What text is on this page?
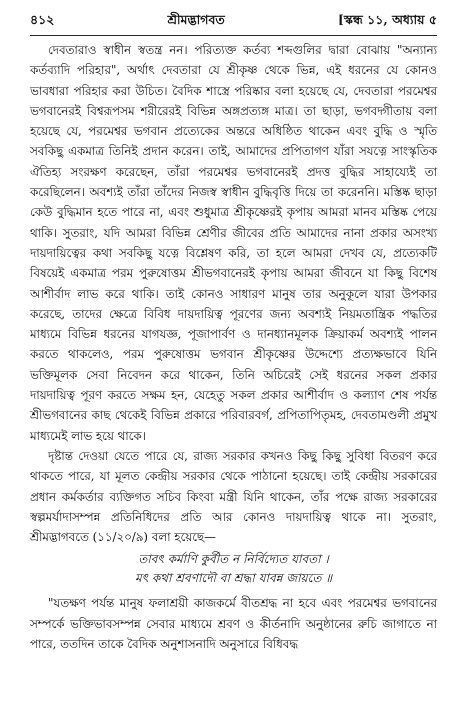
৪১২	শ্রীমদ্ভাগবত	[স্কন্ধ ১১, অধ্যায় ৫

দেবতারাও স্বাধীন স্বতন্ত্র নন। পরিত্যক্ত কর্তব্য শব্দগুলির দ্বারা বোঝায় "অন্যান্য কর্তব্যাদি পরিহার", অর্থাৎ দেবতারা যে শ্রীকৃষ্ণ থেকে ভিন্ন, এই ধরনের যে কোনও ভাবধারা পরিহার করা উচিত। বৈদিক শাস্ত্রে পরিষ্কার বলা হয়েছে যে, দেবতারা পরমেশ্বর ভগবানেরই বিশ্বরূপসম শরীরেরই বিভিন্ন অঙ্গপ্রত্যঙ্গ মাত্র। তা ছাড়া, ভগবদ্গীতায় বলা হয়েছে যে, পরমেশ্বর ভগবান প্রত্যেকের অন্তরে অধিষ্ঠিত থাকেন এবং বুদ্ধি ও স্মৃতি সবকিছু একমাত্র তিনিই প্রদান করেন। তাই, আমাদের প্রপিতাগণ যাঁরা সযত্নে সাংস্কৃতিক ঐতিহ্য সংরক্ষণ করেছেন, তাঁরা পরমেশ্বর ভগবানেরই প্রদত্ত বুদ্ধির সাহায্যেই তা করেছিলেন। অবশ্যই তাঁরা তাঁদের নিজস্ব স্বাধীন বুদ্ধিবৃত্তি দিয়ে তা করেননি। মস্তিষ্ক ছাড়া কেউ বুদ্ধিমান হতে পারে না, এবং শুধুমাত্র শ্রীকৃষ্ণেরই কৃপায় আমরা মানব মস্তিষ্ক পেয়ে থাকি। সুতরাং, যদি আমরা বিভিন্ন শ্রেণীর জীবের প্রতি আমাদের নানা প্রকার অসংখ্য দায়দায়িত্বের কথা সবকিছু যত্নে বিশ্লেষণ করি, তা হলে আমরা দেখব যে, প্রত্যেকটি বিষয়েই একমাত্র পরম পুরুষোত্তম শ্রীভগবানেরই কৃপায় আমরা জীবনে যা কিছু বিশেষ আশীর্বাদ লাভ করে থাকি। তাই কোনও সাধারণ মানুষ তার অনুকূলে যারা উপকার করেছে, তাদের ক্ষেত্রে বিবিধ দায়দায়িত্ব পূরণের জন্য অবশ্যই নিয়মতান্ত্রিক পদ্ধতির মাধ্যমে বিভিন্ন ধরনের যাগযজ্ঞ, পূজাপার্বণ ও দানধ্যানমূলক ক্রিয়াকর্ম অবশ্যই পালন করতে থাকলেও, পরম পুরুষোত্তম ভগবান শ্রীকৃষ্ণের উদ্দেশ্যে প্রত্যক্ষভাবে যিনি ভক্তিমূলক সেবা নিবেদন করে থাকেন, তিনি অচিরেই সেই ধরনের সকল প্রকার দায়দায়িত্ব পূরণ করতে সক্ষম হন, যেহেতু সকল প্রকার আশীর্বাদ ও কল্যাণ শেষ পর্যন্ত শ্রীভগবানের কাছ থেকেই বিভিন্ন প্রকারে পরিবারবর্গ, প্রপিতাপিতৃমহ, দেবতামণ্ডলী প্রমুখ মাধ্যমেই লাভ হয়ে থাকে।

দৃষ্টান্ত দেওয়া যেতে পারে যে, রাজ্য সরকার কখনও কিছু কিছু সুবিধা বিতরণ করে থাকতে পারে, যা মূলত কেন্দ্রীয় সরকার থেকে পাঠানো হয়েছে। তাই কেন্দ্রীয় সরকারের প্রধান কর্মকর্তার ব্যক্তিগত সচিব কিংবা মন্ত্রী যিনি থাকেন, তাঁর পক্ষে রাজ্য সরকারের স্বল্পমর্যাদাসম্পন্ন প্রতিনিধিদের প্রতি আর কোনও দায়দায়িত্ব থাকে না। সুতরাং, শ্রীমদ্ভাগবতে (১১/২০/৯) বলা হয়েছে—

তাবৎ কর্মাণি কুর্বীত ন নির্বিদ্যেত যাবতা ।
মৎ কথা শ্রবণাদৌ বা শ্রদ্ধা যাবন্ন জায়তে ॥

"যতক্ষণ পর্যন্ত মানুষ ফলাশ্রয়ী কাজকর্মে বীতশ্রদ্ধ না হবে এবং পরমেশ্বর ভগবানের সম্পর্কে ভক্তিভাবসম্পন্ন সেবার মাধ্যমে শ্রবণ ও কীর্তনাদি অনুষ্ঠানের রুচি জাগাতে না পারে, ততদিন তাকে বৈদিক অনুশাসনাদি অনুসারে বিধিবদ্ধ
